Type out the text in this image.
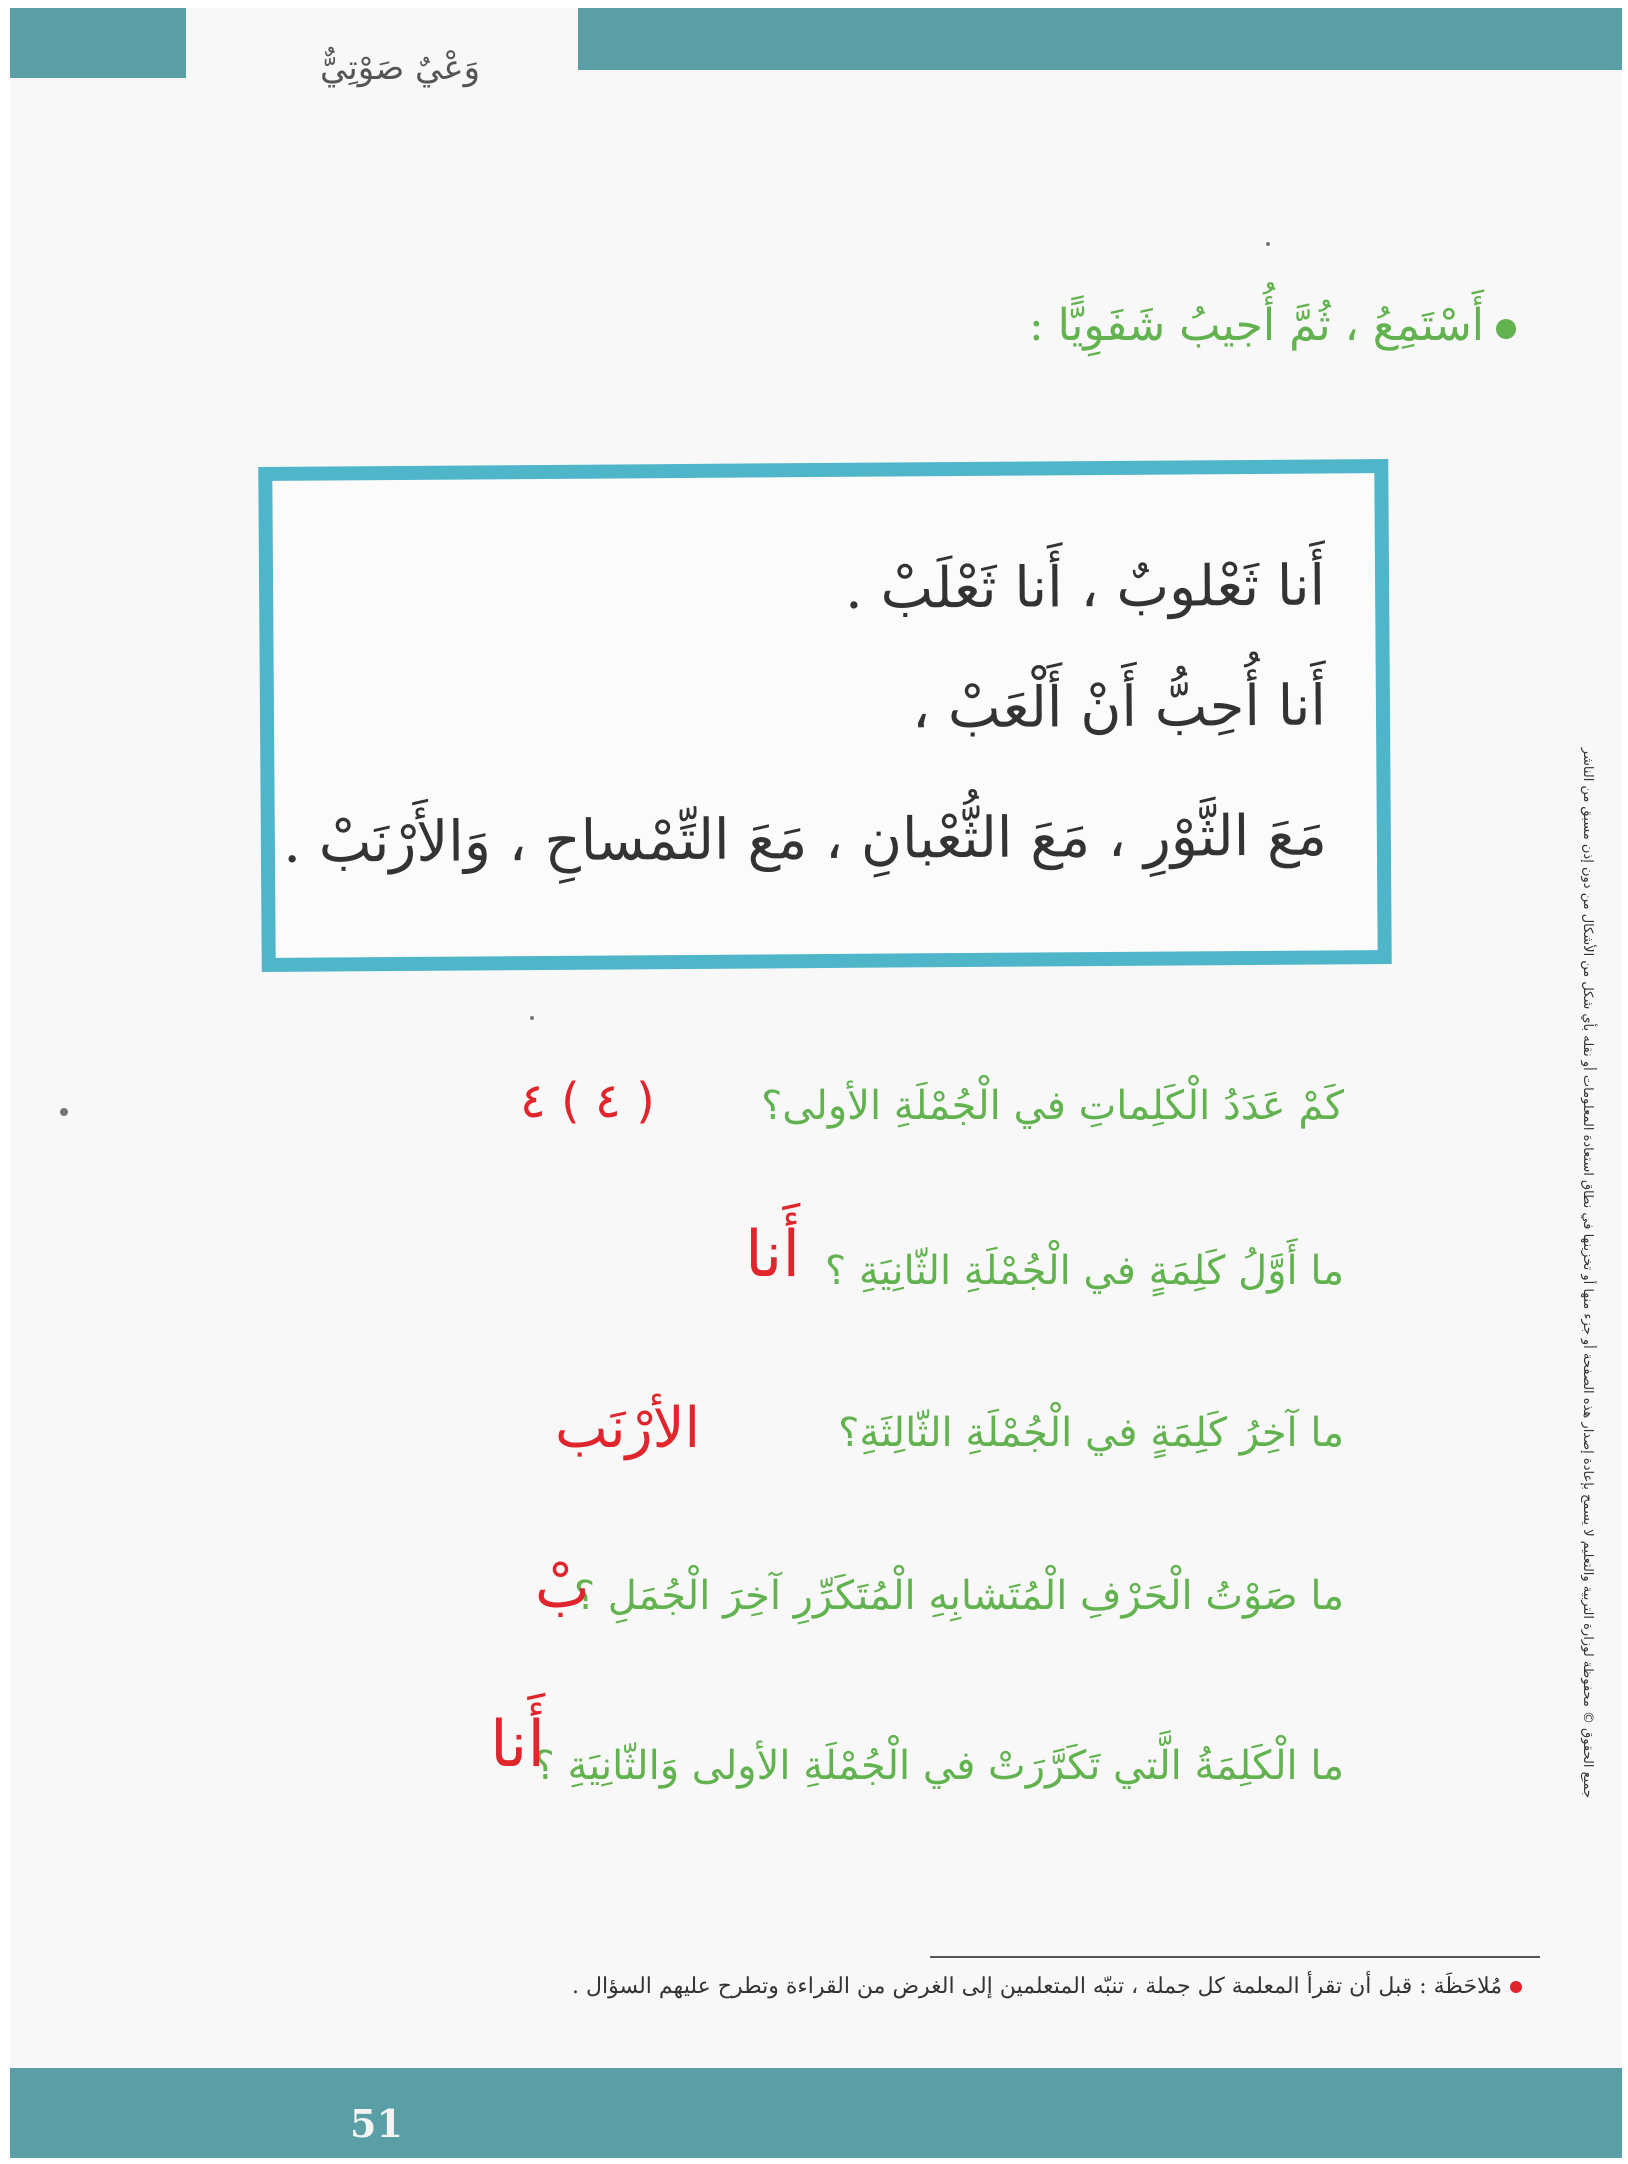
وَعْيٌ صَوْتِيٌّ
أَسْتَمِعُ ، ثُمَّ أُجيبُ شَفَوِيًّا :
أَنا ثَعْلوبٌ ، أَنا ثَعْلَبْ .
أَنا أُحِبُّ أَنْ أَلْعَبْ ،
مَعَ الثَّوْرِ ، مَعَ الثُّعْبانِ ، مَعَ التِّمْساحِ ، وَالأَرْنَبْ .
كَمْ عَدَدُ الْكَلِماتِ في الْجُمْلَةِ الأولى؟
( ٤ ) ٤
ما أَوَّلُ كَلِمَةٍ في الْجُمْلَةِ الثّانِيَةِ ؟
أَنا
ما آخِرُ كَلِمَةٍ في الْجُمْلَةِ الثّالِثَةِ؟
الأرْنَب
ما صَوْتُ الْحَرْفِ الْمُتَشابِهِ الْمُتَكَرِّرِ آخِرَ الْجُمَلِ ؟
بْ
ما الْكَلِمَةُ الَّتي تَكَرَّرَتْ في الْجُمْلَةِ الأولى وَالثّانِيَةِ ؟
أَنا	جميع الحقوق © محفوظة لوزارة التربية والتعليم لا يسمح بإعادة إصدار هذه الصفحة أو جزء منها أو تخزينها في نطاق استعادة المعلومات أو نقله بأي شكل من الأشكال من دون إذن مسبق من الناشر
مُلاحَظَة : قبل أن تقرأ المعلمة كل جملة ، تنبّه المتعلمين إلى الغرض من القراءة وتطرح عليهم السؤال .
51
